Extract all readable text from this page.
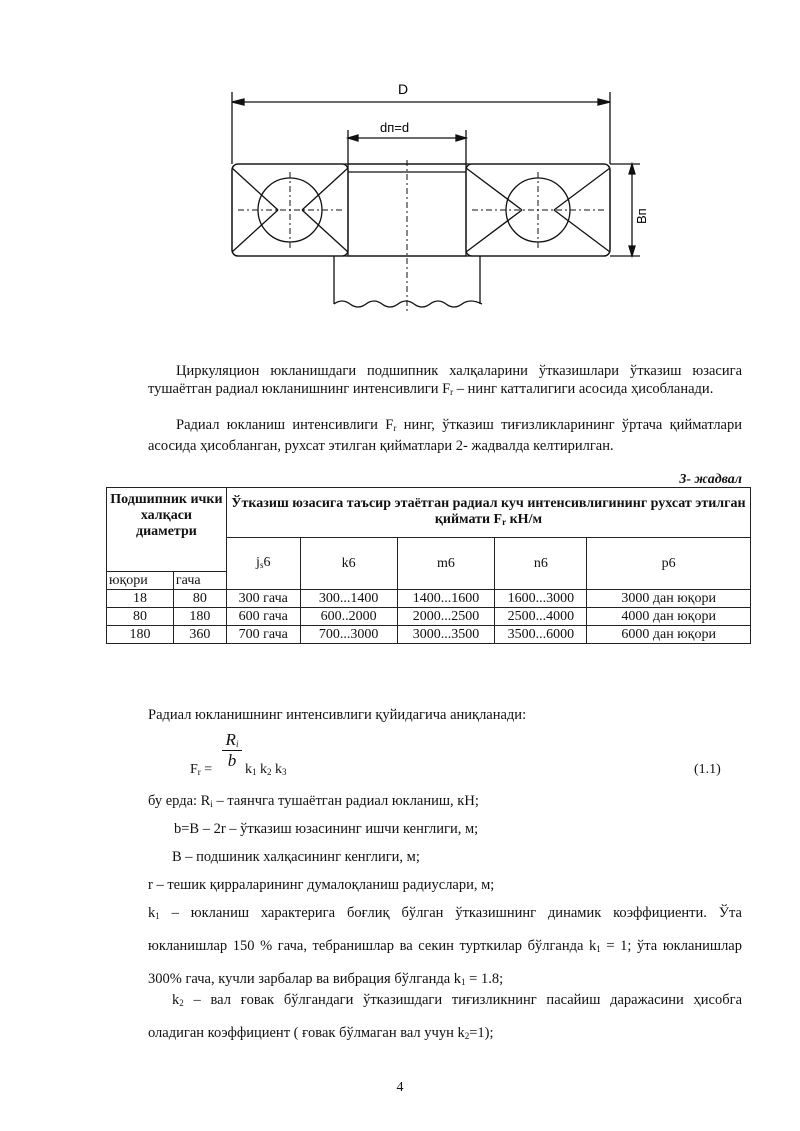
D
dп=d
Вп

Циркуляцион юкланишдаги подшипник халқаларини ўтказишлари ўтказиш юзасига тушаётган радиал юкланишнинг интенсивлиги $F_r$ – нинг катталигиги асосида ҳисобланади.

Радиал юкланиш интенсивлиги $F_r$ нинг, ўтказиш тиғизликларининг ўртача қийматлари асосида ҳисобланган, рухсат этилган қийматлари 2- жадвалда келтирилган.

3- жадвал
Подшипник ички халқаси диаметри		Ўтказиш юзасига таъсир этаётган радиал куч интенсивлигининг рухсат этилган қиймати $F_r$ кН/м				
		$j_s6$	k6	m6	n6	p6
юқори	гача					
18	80	300 гача	300...1400	1400...1600	1600...3000	3000 дан юқори
80	180	600 гача	600..2000	2000...2500	2500...4000	4000 дан юқори
180	360	700 гача	700...3000	3000...3500	3500...6000	6000 дан юқори

Радиал юкланишнинг интенсивлиги қуйидагича аниқланади:

$R_i$
b
$F_r = k_1$ $k_2$ $k_3$	(1.1)

бу ерда: $R_i$ – таянчга тушаётган радиал юкланиш, кН;

b=B – 2r – ўтказиш юзасининг ишчи кенглиги, м;

B – подшиник халқасининг кенглиги, м;

r – тешик қирраларининг думалоқланиш радиуслари, м;

$k_1$ – юкланиш характерига боғлиқ бўлган ўтказишнинг динамик коэффициенти. Ўта юкланишлар 150 % гача, тебранишлар ва секин турткилар бўлганда $k_1 = 1$; ўта юкланишлар 300% гача, кучли зарбалар ва вибрация бўлганда $k_1 = 1.8$;

$k_2$ – вал ғовак бўлгандаги ўтказишдаги тиғизликнинг пасайиш даражасини ҳисобга оладиган коэффициент ( ғовак бўлмаган вал учун $k_2=1$);

4
